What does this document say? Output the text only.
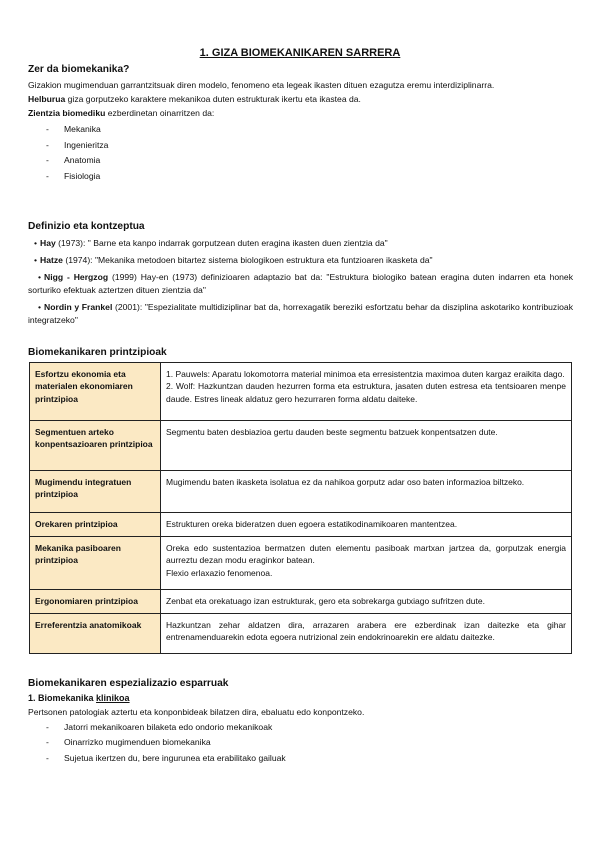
1. GIZA BIOMEKANIKAREN SARRERA
Zer da biomekanika?

Gizakion mugimenduan garrantzitsuak diren modelo, fenomeno eta legeak ikasten dituen ezagutza eremu interdiziplinarra.

Helburua giza gorputzeko karaktere mekanikoa duten estrukturak ikertu eta ikastea da.

Zientzia biomediku ezberdinetan oinarritzen da:

- Mekanika
- Ingenieritza
- Anatomia
- Fisiologia
Definizio eta kontzeptua
• Hay (1973): " Barne eta kanpo indarrak gorputzean duten eragina ikasten duen zientzia da"
• Hatze (1974): "Mekanika metodoen bitartez sistema biologikoen estruktura eta funtzioaren ikasketa da"
• Nigg - Hergzog (1999) Hay-en (1973) definizioaren adaptazio bat da: "Estruktura biologiko batean eragina duten indarren eta honek sorturiko efektuak aztertzen dituen zientzia da"
• Nordin y Frankel (2001): "Espezialitate multidiziplinar bat da, horrexagatik bereziki esfortzatu behar da disziplina askotariko kontribuzioak integratzeko"
Biomekanikaren printzipioak
Esfortzu ekonomia eta materialen ekonomiaren printzipioa	1. Pauwels: Aparatu lokomotorra material minimoa eta erresistentzia maximoa duten kargaz eraikita dago.
2. Wolf: Hazkuntzan dauden hezurren forma eta estruktura, jasaten duten estresa eta tentsioaren menpe daude. Estres lineak aldatuz gero hezurraren forma aldatu daiteke.

Segmentuen arteko konpentsazioaren printzipioa	Segmentu baten desbiazioa gertu dauden beste segmentu batzuek konpentsatzen dute.

Mugimendu integratuen printzipioa	Mugimendu baten ikasketa isolatua ez da nahikoa gorputz adar oso baten informazioa biltzeko.

Orekaren printzipioa	Estrukturen oreka bideratzen duen egoera estatikodinamikoaren mantentzea.

Mekanika pasiboaren printzipioa	Oreka edo sustentazioa bermatzen duten elementu pasiboak martxan jartzea da, gorputzak energia aurreztu dezan modu eraginkor batean.
Flexio erlaxazio fenomenoa.

Ergonomiaren printzipioa	Zenbat eta orekatuago izan estrukturak, gero eta sobrekarga gutxiago sufritzen dute.

Erreferentzia anatomikoak	Hazkuntzan zehar aldatzen dira, arrazaren arabera ere ezberdinak izan daitezke eta gihar entrenamenduarekin edota egoera nutrizional zein endokrinoarekin ere aldatu daitezke.
Biomekanikaren espezializazio esparruak

1. Biomekanika klinikoa

Pertsonen patologiak aztertu eta konponbideak bilatzen dira, ebaluatu edo konpontzeko.

- Jatorri mekanikoaren bilaketa edo ondorio mekanikoak
- Oinarrizko mugimenduen biomekanika
- Sujetua ikertzen du, bere ingurunea eta erabilitako gailuak
